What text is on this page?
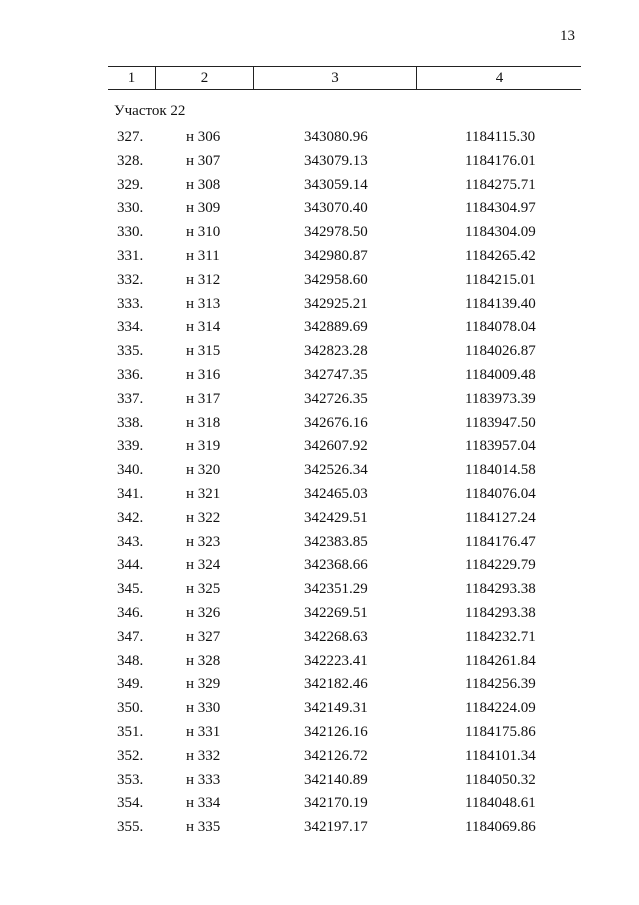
13
1	2	3	4
Участок 22
327.	н 306	343080.96	1184115.30
328.	н 307	343079.13	1184176.01
329.	н 308	343059.14	1184275.71
330.	н 309	343070.40	1184304.97
330.	н 310	342978.50	1184304.09
331.	н 311	342980.87	1184265.42
332.	н 312	342958.60	1184215.01
333.	н 313	342925.21	1184139.40
334.	н 314	342889.69	1184078.04
335.	н 315	342823.28	1184026.87
336.	н 316	342747.35	1184009.48
337.	н 317	342726.35	1183973.39
338.	н 318	342676.16	1183947.50
339.	н 319	342607.92	1183957.04
340.	н 320	342526.34	1184014.58
341.	н 321	342465.03	1184076.04
342.	н 322	342429.51	1184127.24
343.	н 323	342383.85	1184176.47
344.	н 324	342368.66	1184229.79
345.	н 325	342351.29	1184293.38
346.	н 326	342269.51	1184293.38
347.	н 327	342268.63	1184232.71
348.	н 328	342223.41	1184261.84
349.	н 329	342182.46	1184256.39
350.	н 330	342149.31	1184224.09
351.	н 331	342126.16	1184175.86
352.	н 332	342126.72	1184101.34
353.	н 333	342140.89	1184050.32
354.	н 334	342170.19	1184048.61
355.	н 335	342197.17	1184069.86
